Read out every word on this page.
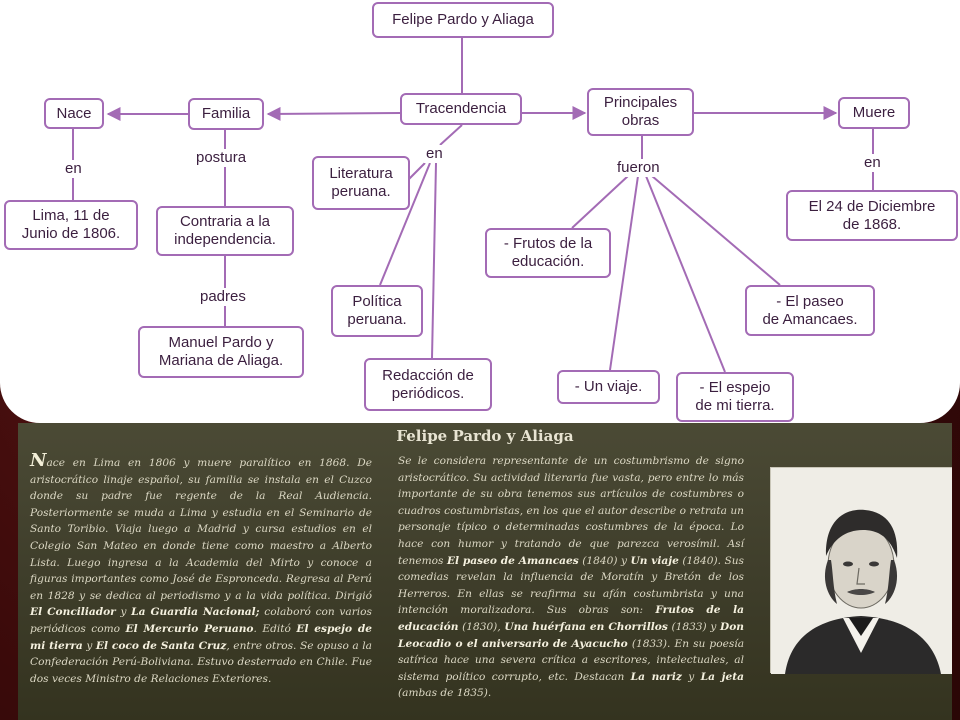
Felipe Pardo y Aliaga
Tracendencia
Familia
Nace
en
Lima, 11 de
Junio de 1806.
postura
Contraria a la
independencia.
padres
Manuel Pardo y
Mariana de Aliaga.
en
Literatura
peruana.
Política
peruana.
Redacción de
periódicos.
Principales
obras
fueron
- Frutos de la
educación.
- Un viaje.	- El espejo
de mi tierra.
- El paseo
de Amancaes.
Muere
en
El 24 de Diciembre
de 1868.
Felipe Pardo y Aliaga
Nace en Lima en 1806 y muere paralítico en 1868. De aristocrático linaje español, su familia se instala en el Cuzco donde su padre fue regente de la Real Audiencia. Posteriormente se muda a Lima y estudia en el Seminario de Santo Toribio. Viaja luego a Madrid y cursa estudios en el Colegio San Mateo en donde tiene como maestro a Alberto Lista. Luego ingresa a la Academia del Mirto y conoce a figuras importantes como José de Espronceda. Regresa al Perú en 1828 y se dedica al periodismo y a la vida política. Dirigió El Conciliador y La Guardia Nacional; colaboró con varios periódicos como El Mercurio Peruano. Editó El espejo de mi tierra y El coco de Santa Cruz, entre otros. Se opuso a la Confederación Perú-Boliviana. Estuvo desterrado en Chile. Fue dos veces Ministro de Relaciones Exteriores.
Se le considera representante de un costumbrismo de signo aristocrático. Su actividad literaria fue vasta, pero entre lo más importante de su obra tenemos sus artículos de costumbres o cuadros costumbristas, en los que el autor describe o retrata un personaje típico o determinadas costumbres de la época. Lo hace con humor y tratando de que parezca verosímil. Así tenemos El paseo de Amancaes (1840) y Un viaje (1840). Sus comedias revelan la influencia de Moratín y Bretón de los Herreros. En ellas se reafirma su afán costumbrista y una intención moralizadora. Sus obras son: Frutos de la educación (1830), Una huérfana en Chorrillos (1833) y Don Leocadio o el aniversario de Ayacucho (1833). En su poesía satírica hace una severa crítica a escritores, intelectuales, al sistema político corrupto, etc. Destacan La nariz y La jeta (ambas de 1835).
